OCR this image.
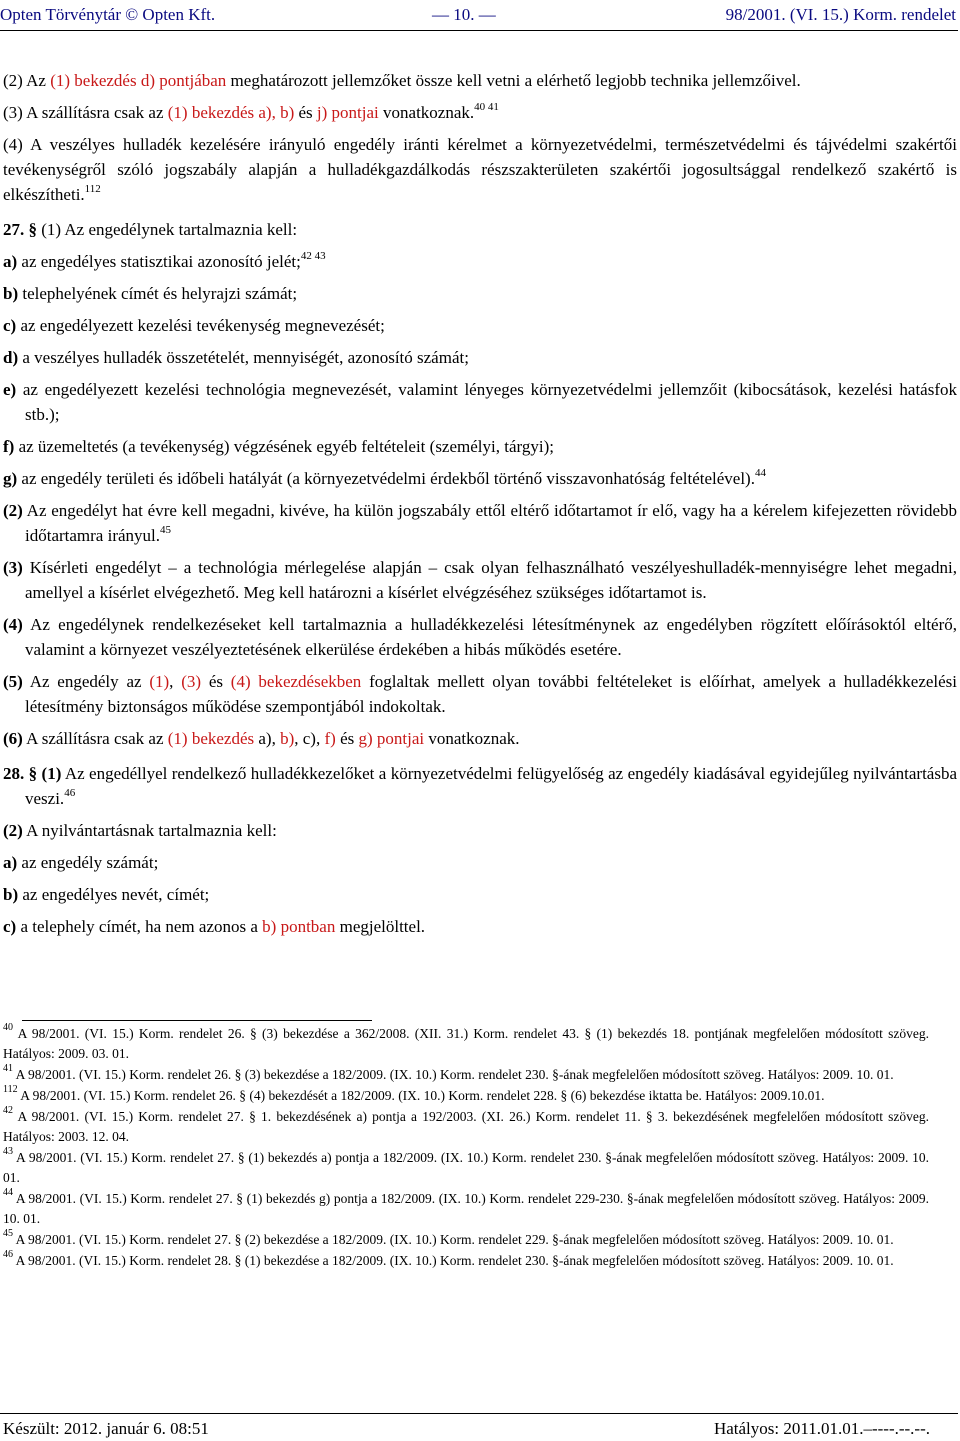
Opten Törvénytár © Opten Kft.	— 10. —	98/2001. (VI. 15.) Korm. rendelet

(2) Az (1) bekezdés d) pontjában meghatározott jellemzőket össze kell vetni a elérhető legjobb technika jellemzőivel.

(3) A szállításra csak az (1) bekezdés a), b) és j) pontjai vonatkoznak.$^{40 41}$

(4) A veszélyes hulladék kezelésére irányuló engedély iránti kérelmet a környezetvédelmi, természetvédelmi és tájvédelmi szakértői tevékenységről szóló jogszabály alapján a hulladékgazdálkodás részszakterületen szakértői jogosultsággal rendelkező szakértő is elkészítheti.$^{112}$

27. § (1) Az engedélynek tartalmaznia kell:

a) az engedélyes statisztikai azonosító jelét;$^{42 43}$

b) telephelyének címét és helyrajzi számát;

c) az engedélyezett kezelési tevékenység megnevezését;

d) a veszélyes hulladék összetételét, mennyiségét, azonosító számát;

e) az engedélyezett kezelési technológia megnevezését, valamint lényeges környezetvédelmi jellemzőit (kibocsátások, kezelési hatásfok stb.);

f) az üzemeltetés (a tevékenység) végzésének egyéb feltételeit (személyi, tárgyi);

g) az engedély területi és időbeli hatályát (a környezetvédelmi érdekből történő visszavonhatóság feltételével).$^{44}$

(2) Az engedélyt hat évre kell megadni, kivéve, ha külön jogszabály ettől eltérő időtartamot ír elő, vagy ha a kérelem kifejezetten rövidebb időtartamra irányul.$^{45}$

(3) Kísérleti engedélyt – a technológia mérlegelése alapján – csak olyan felhasználható veszélyeshulladék-mennyiségre lehet megadni, amellyel a kísérlet elvégezhető. Meg kell határozni a kísérlet elvégzéséhez szükséges időtartamot is.

(4) Az engedélynek rendelkezéseket kell tartalmaznia a hulladékkezelési létesítménynek az engedélyben rögzített előírásoktól eltérő, valamint a környezet veszélyeztetésének elkerülése érdekében a hibás működés esetére.

(5) Az engedély az (1), (3) és (4) bekezdésekben foglaltak mellett olyan további feltételeket is előírhat, amelyek a hulladékkezelési létesítmény biztonságos működése szempontjából indokoltak.

(6) A szállításra csak az (1) bekezdés a), b), c), f) és g) pontjai vonatkoznak.

28. § (1) Az engedéllyel rendelkező hulladékkezelőket a környezetvédelmi felügyelőség az engedély kiadásával egyidejűleg nyilvántartásba veszi.$^{46}$

(2) A nyilvántartásnak tartalmaznia kell:

a) az engedély számát;

b) az engedélyes nevét, címét;

c) a telephely címét, ha nem azonos a b) pontban megjelölttel.

$^{40}$ A 98/2001. (VI. 15.) Korm. rendelet 26. § (3) bekezdése a 362/2008. (XII. 31.) Korm. rendelet 43. § (1) bekezdés 18. pontjának megfelelően módosított szöveg. Hatályos: 2009. 03. 01.
$^{41}$ A 98/2001. (VI. 15.) Korm. rendelet 26. § (3) bekezdése a 182/2009. (IX. 10.) Korm. rendelet 230. §-ának megfelelően módosított szöveg. Hatályos: 2009. 10. 01.
$^{112}$ A 98/2001. (VI. 15.) Korm. rendelet 26. § (4) bekezdését a 182/2009. (IX. 10.) Korm. rendelet 228. § (6) bekezdése iktatta be. Hatályos: 2009.10.01.
$^{42}$ A 98/2001. (VI. 15.) Korm. rendelet 27. § 1. bekezdésének a) pontja a 192/2003. (XI. 26.) Korm. rendelet 11. § 3. bekezdésének megfelelően módosított szöveg. Hatályos: 2003. 12. 04.
$^{43}$ A 98/2001. (VI. 15.) Korm. rendelet 27. § (1) bekezdés a) pontja a 182/2009. (IX. 10.) Korm. rendelet 230. §-ának megfelelően módosított szöveg. Hatályos: 2009. 10. 01.
$^{44}$ A 98/2001. (VI. 15.) Korm. rendelet 27. § (1) bekezdés g) pontja a 182/2009. (IX. 10.) Korm. rendelet 229-230. §-ának megfelelően módosított szöveg. Hatályos: 2009. 10. 01.
$^{45}$ A 98/2001. (VI. 15.) Korm. rendelet 27. § (2) bekezdése a 182/2009. (IX. 10.) Korm. rendelet 229. §-ának megfelelően módosított szöveg. Hatályos: 2009. 10. 01.
$^{46}$ A 98/2001. (VI. 15.) Korm. rendelet 28. § (1) bekezdése a 182/2009. (IX. 10.) Korm. rendelet 230. §-ának megfelelően módosított szöveg. Hatályos: 2009. 10. 01.
Készült: 2012. január 6. 08:51	Hatályos: 2011.01.01.–----.--.--.
